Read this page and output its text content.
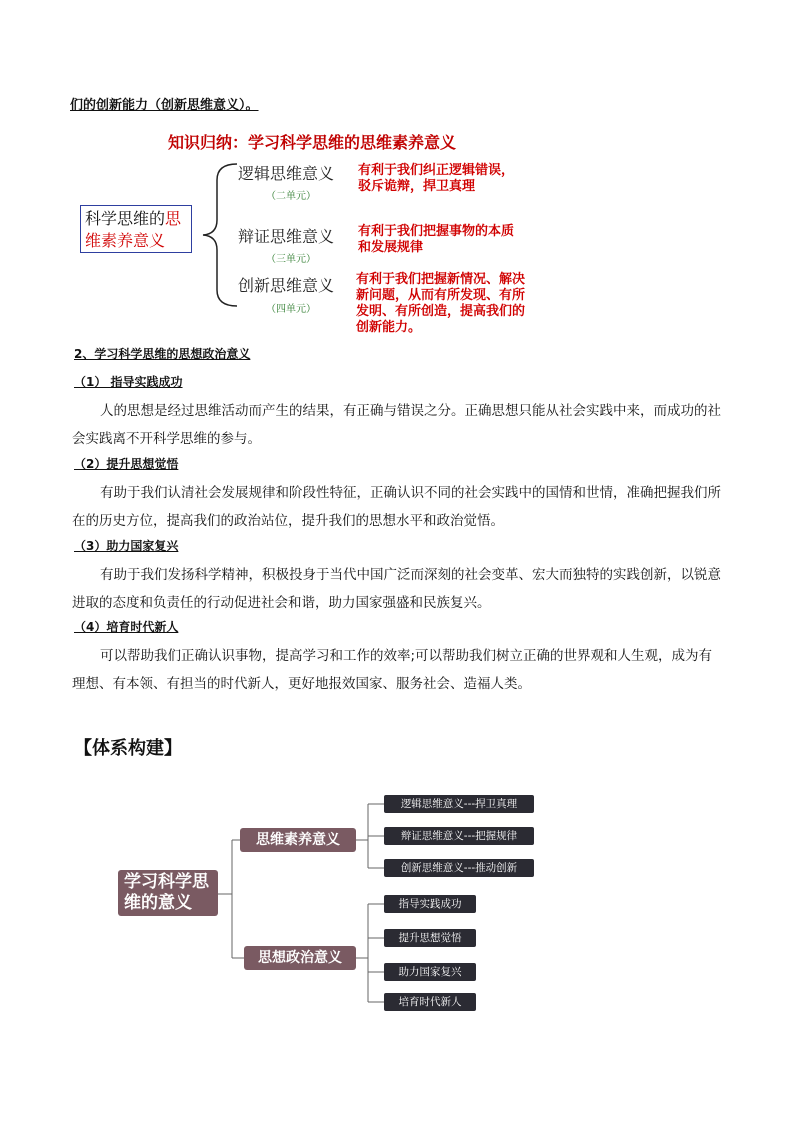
们的创新能力（创新思维意义）。
知识归纳：学习科学思维的思维素养意义
科学思维的思
维素养意义
逻辑思维意义
（二单元）
有利于我们纠正逻辑错误，
驳斥诡辩，捍卫真理
辩证思维意义
（三单元）
有利于我们把握事物的本质
和发展规律
创新思维意义
（四单元）
有利于我们把握新情况、解决
新问题，从而有所发现、有所
发明、有所创造，提高我们的
创新能力。
2、学习科学思维的思想政治意义
（1） 指导实践成功
人的思想是经过思维活动而产生的结果，有正确与错误之分。正确思想只能从社会实践中来，而成功的社会实践离不开科学思维的参与。
（2）提升思想觉悟
有助于我们认清社会发展规律和阶段性特征，正确认识不同的社会实践中的国情和世情，准确把握我们所在的历史方位，提高我们的政治站位，提升我们的思想水平和政治觉悟。
（3）助力国家复兴
有助于我们发扬科学精神，积极投身于当代中国广泛而深刻的社会变革、宏大而独特的实践创新，以锐意进取的态度和负责任的行动促进社会和谐，助力国家强盛和民族复兴。
（4）培育时代新人
可以帮助我们正确认识事物，提高学习和工作的效率;可以帮助我们树立正确的世界观和人生观，成为有理想、有本领、有担当的时代新人，更好地报效国家、服务社会、造福人类。
【体系构建】
学习科学思维的意义
思维素养意义
思想政治意义
逻辑思维意义---捍卫真理
辩证思维意义---把握规律
创新思维意义---推动创新
指导实践成功
提升思想觉悟
助力国家复兴
培育时代新人
